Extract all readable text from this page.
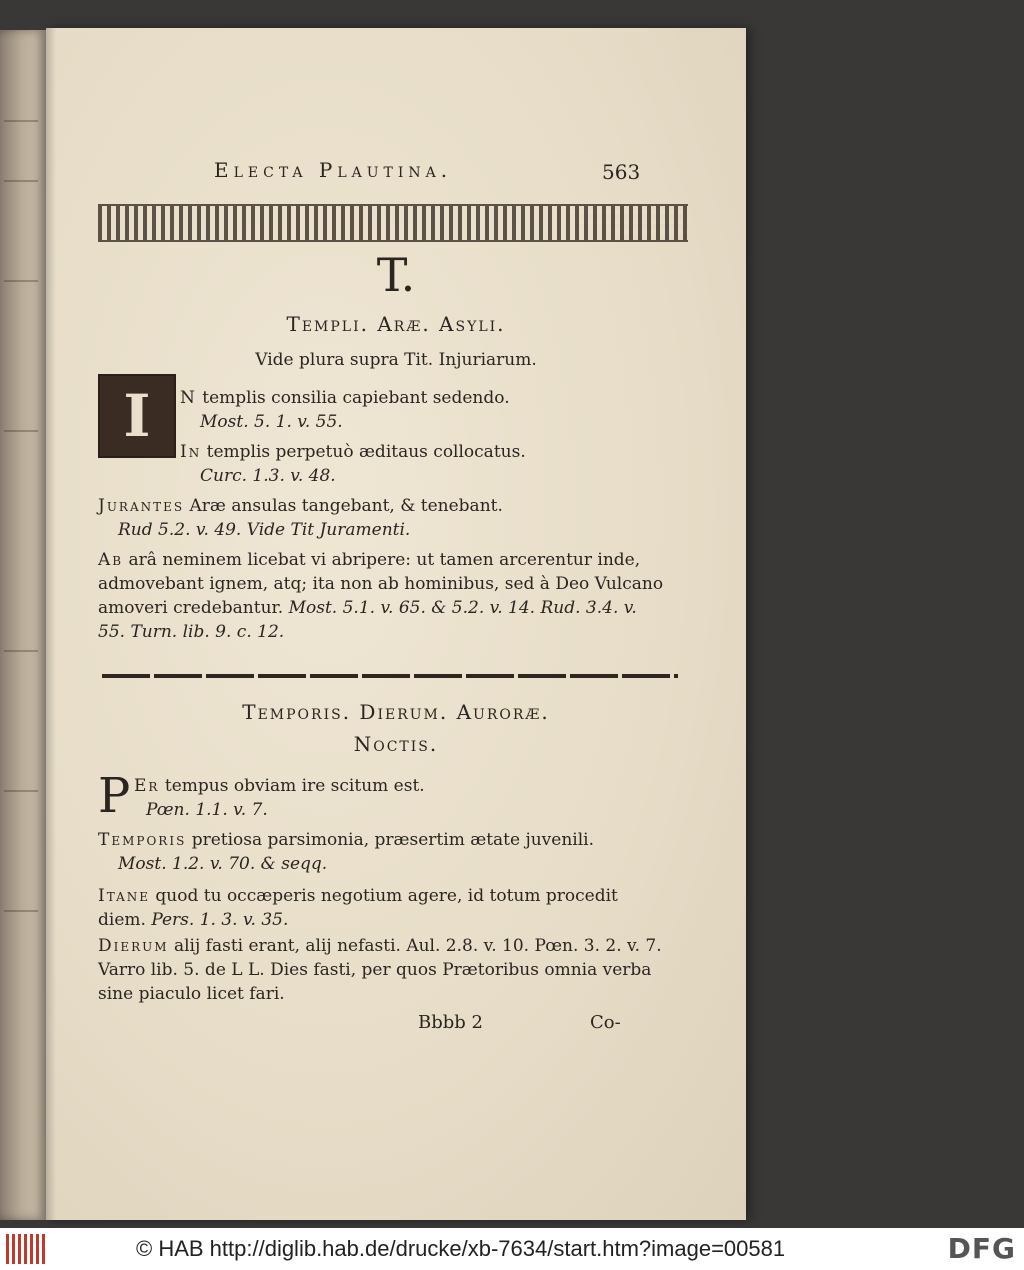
Electa Plautina.	563
T.
Templi. Aræ. Asyli.
Vide plura supra Tit. Injuriarum.
I N templis consilia capiebant sedendo.
Most. 5. 1. v. 55.
In templis perpetuò æditaus collocatus.
Curc. 1.3. v. 48.
Jurantes Aræ ansulas tangebant, & tenebant.
Rud 5.2. v. 49. Vide Tit Juramenti.
Ab arâ neminem licebat vi abripere: ut tamen arcerentur inde, admovebant ignem, atq; ita non ab hominibus, sed à Deo Vulcano amoveri credebantur. Most. 5.1. v. 65. & 5.2. v. 14. Rud. 3.4. v. 55. Turn. lib. 9. c. 12.
Temporis. Dierum. Auroræ.
Noctis.
P Er tempus obviam ire scitum est.
Pœn. 1.1. v. 7.
Temporis pretiosa parsimonia, præsertim ætate juvenili.
Most. 1.2. v. 70. & seqq.
Itane quod tu occæperis negotium agere, id totum procedit diem. Pers. 1. 3. v. 35.
Dierum alij fasti erant, alij nefasti. Aul. 2.8. v. 10. Pœn. 3. 2. v. 7. Varro lib. 5. de L L. Dies fasti, per quos Prætoribus omnia verba sine piaculo licet fari.
Bbbb 2	Co-
© HAB http://diglib.hab.de/drucke/xb-7634/start.htm?image=00581	DFG
